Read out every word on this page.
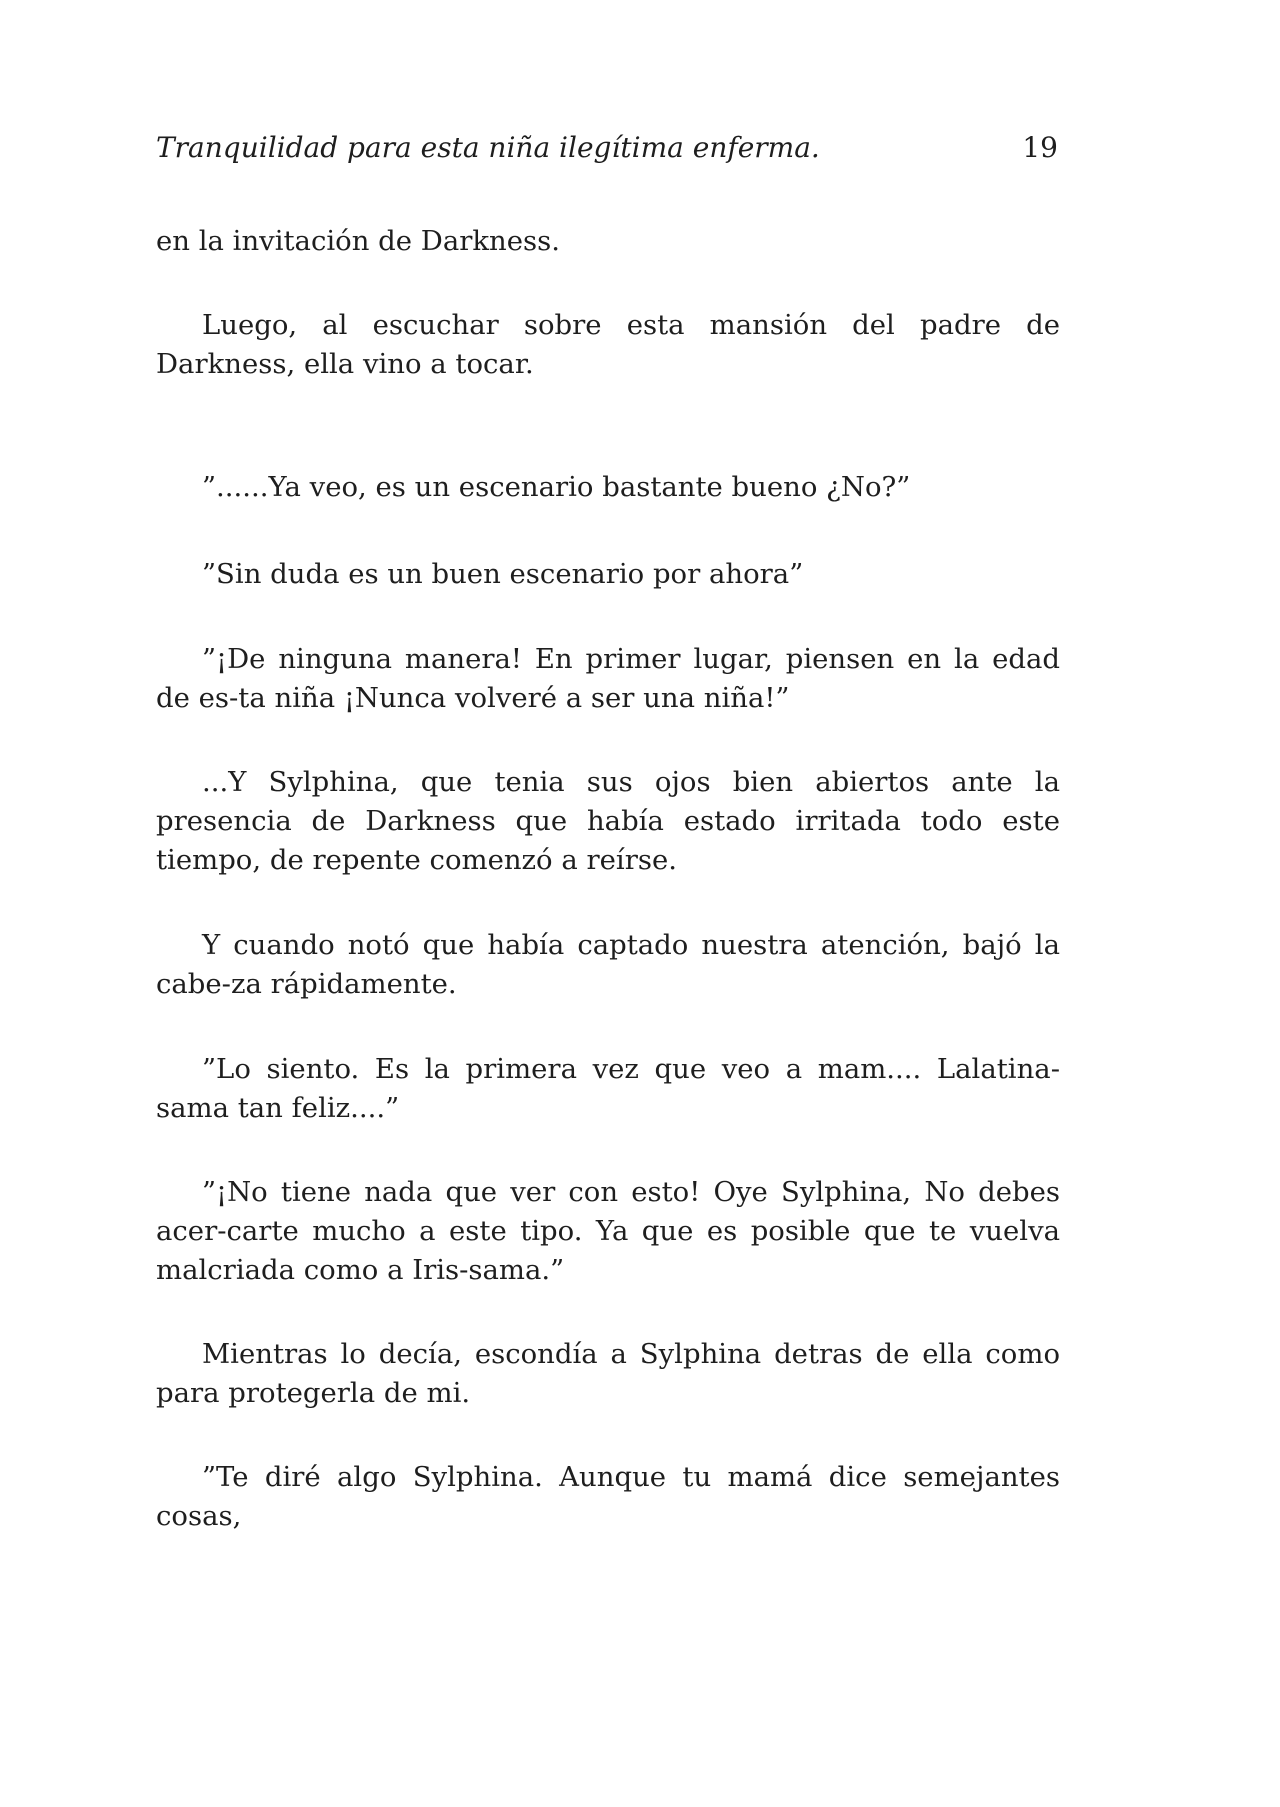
Tranquilidad para esta niña ilegítima enferma.	19

en la invitación de Darkness.

Luego, al escuchar sobre esta mansión del padre de Darkness, ella vino a tocar.

”......Ya veo, es un escenario bastante bueno ¿No?”

”Sin duda es un buen escenario por ahora”

”¡De ninguna manera! En primer lugar, piensen en la edad de es-ta niña ¡Nunca volveré a ser una niña!”

...Y Sylphina, que tenia sus ojos bien abiertos ante la presencia de Darkness que había estado irritada todo este tiempo, de repente comenzó a reírse.

Y cuando notó que había captado nuestra atención, bajó la cabe-za rápidamente.

”Lo siento. Es la primera vez que veo a mam.... Lalatina-sama tan feliz....”

”¡No tiene nada que ver con esto! Oye Sylphina, No debes acer-carte mucho a este tipo. Ya que es posible que te vuelva malcriada como a Iris-sama.”

Mientras lo decía, escondía a Sylphina detras de ella como para protegerla de mi.

”Te diré algo Sylphina. Aunque tu mamá dice semejantes cosas,
